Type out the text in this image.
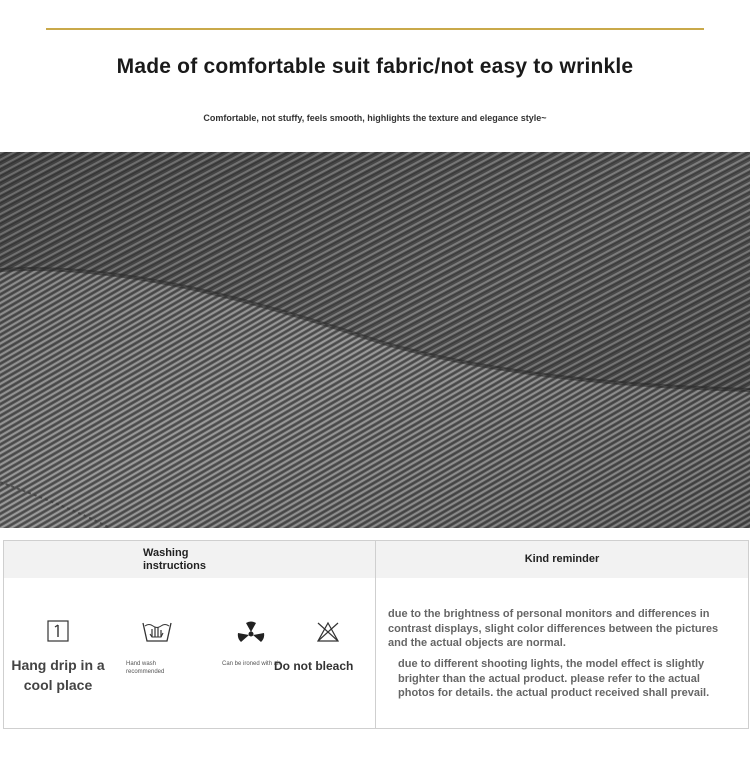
Made of comfortable suit fabric/not easy to wrinkle
Comfortable, not stuffy, feels smooth, highlights the texture and elegance style~
Washing instructions
Kind reminder
Hang drip in a cool place
Hand wash recommended
Can be ironed with air
Do not bleach
due to the brightness of personal monitors and differences in contrast displays, slight color differences between the pictures and the actual objects are normal.
due to different shooting lights, the model effect is slightly brighter than the actual product. please refer to the actual photos for details. the actual product received shall prevail.
